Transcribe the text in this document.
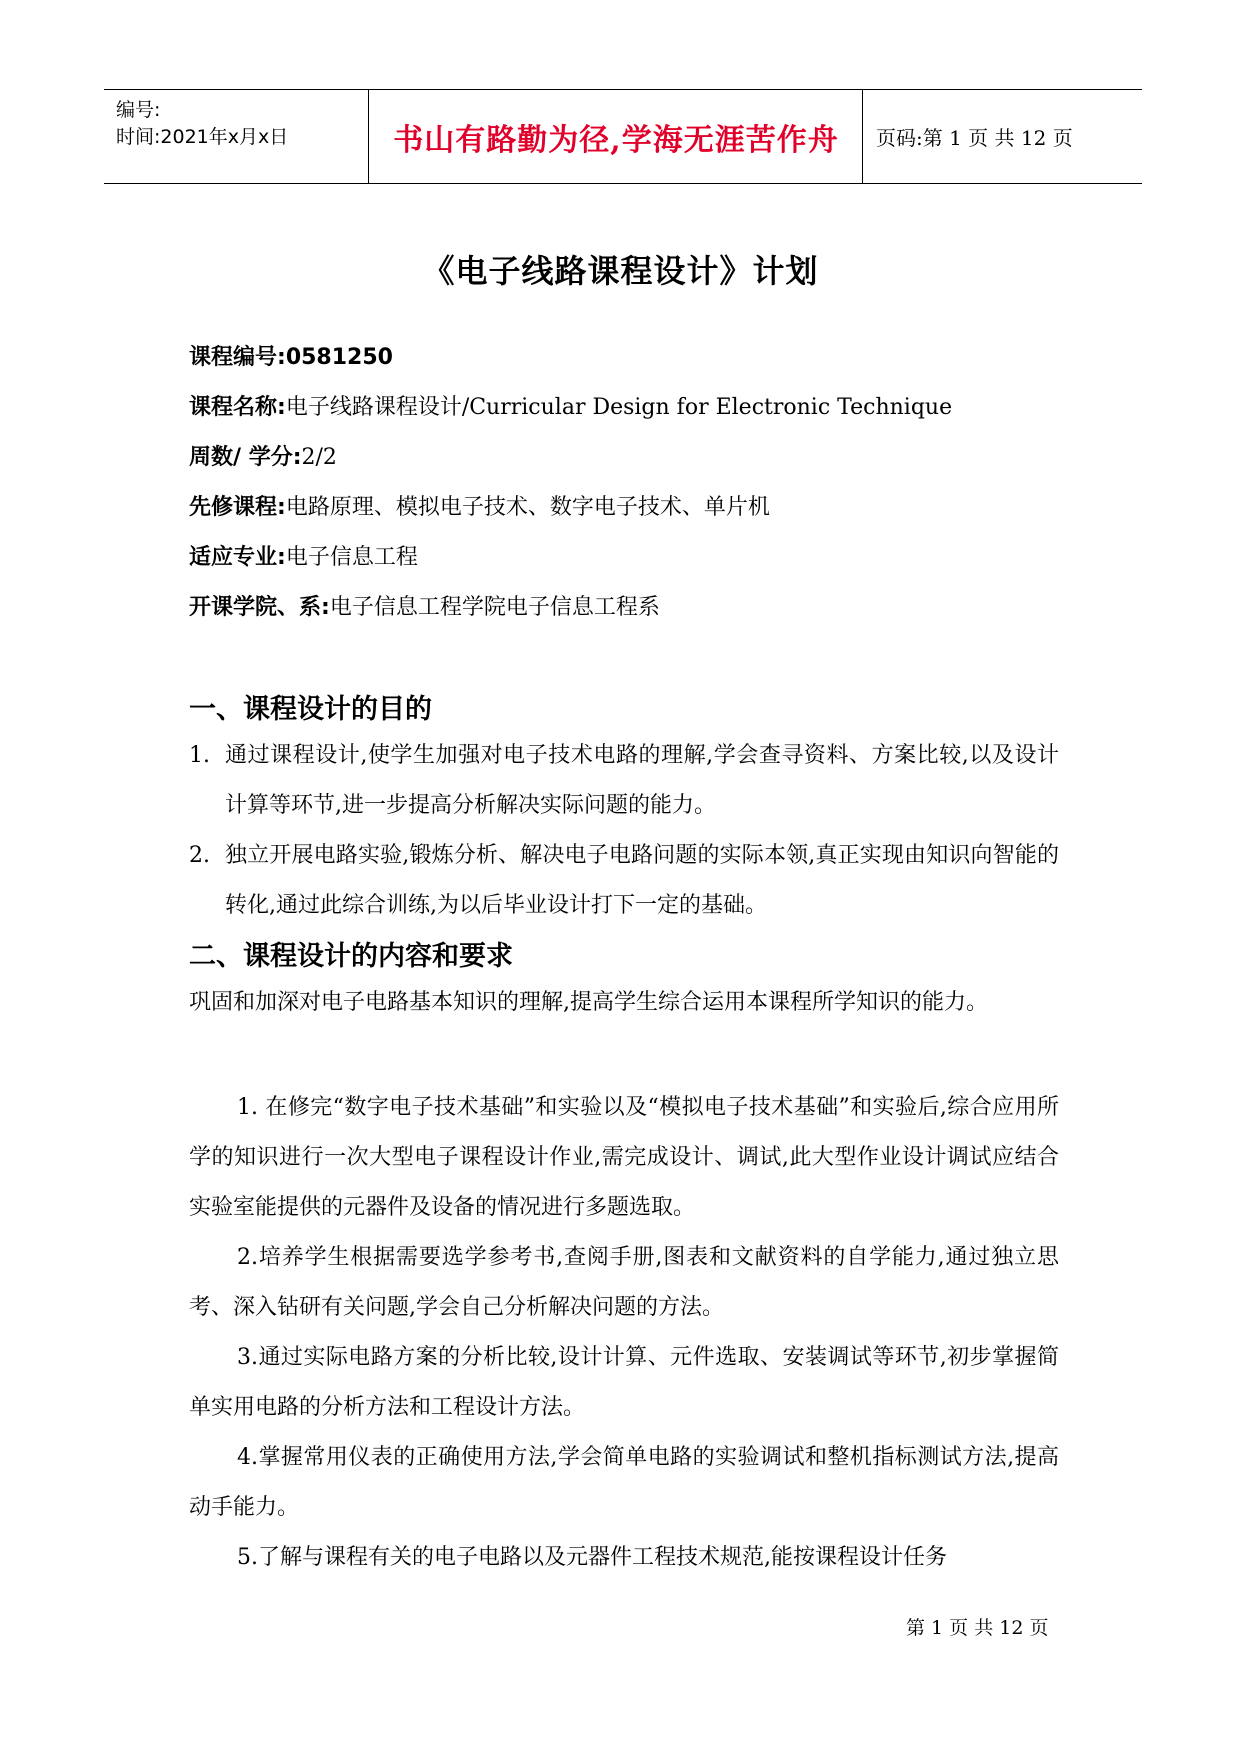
编号:
时间:2021年x月x日	书山有路勤为径,学海无涯苦作舟	页码:第 1 页 共 12 页
《电子线路课程设计》计划
课程编号:0581250
课程名称:电子线路课程设计/Curricular Design for Electronic Technique
周数/ 学分:2/2
先修课程:电路原理、模拟电子技术、数字电子技术、单片机
适应专业:电子信息工程
开课学院、系:电子信息工程学院电子信息工程系
一、课程设计的目的
1. 通过课程设计,使学生加强对电子技术电路的理解,学会查寻资料、方案比较,以及设计计算等环节,进一步提高分析解决实际问题的能力。
2. 独立开展电路实验,锻炼分析、解决电子电路问题的实际本领,真正实现由知识向智能的转化,通过此综合训练,为以后毕业设计打下一定的基础。
二、课程设计的内容和要求
巩固和加深对电子电路基本知识的理解,提高学生综合运用本课程所学知识的能力。
1. 在修完“数字电子技术基础”和实验以及“模拟电子技术基础”和实验后,综合应用所学的知识进行一次大型电子课程设计作业,需完成设计、调试,此大型作业设计调试应结合实验室能提供的元器件及设备的情况进行多题选取。
2.培养学生根据需要选学参考书,查阅手册,图表和文献资料的自学能力,通过独立思考、深入钻研有关问题,学会自己分析解决问题的方法。
3.通过实际电路方案的分析比较,设计计算、元件选取、安装调试等环节,初步掌握简单实用电路的分析方法和工程设计方法。
4.掌握常用仪表的正确使用方法,学会简单电路的实验调试和整机指标测试方法,提高动手能力。
5.了解与课程有关的电子电路以及元器件工程技术规范,能按课程设计任务
第 1 页 共 12 页
